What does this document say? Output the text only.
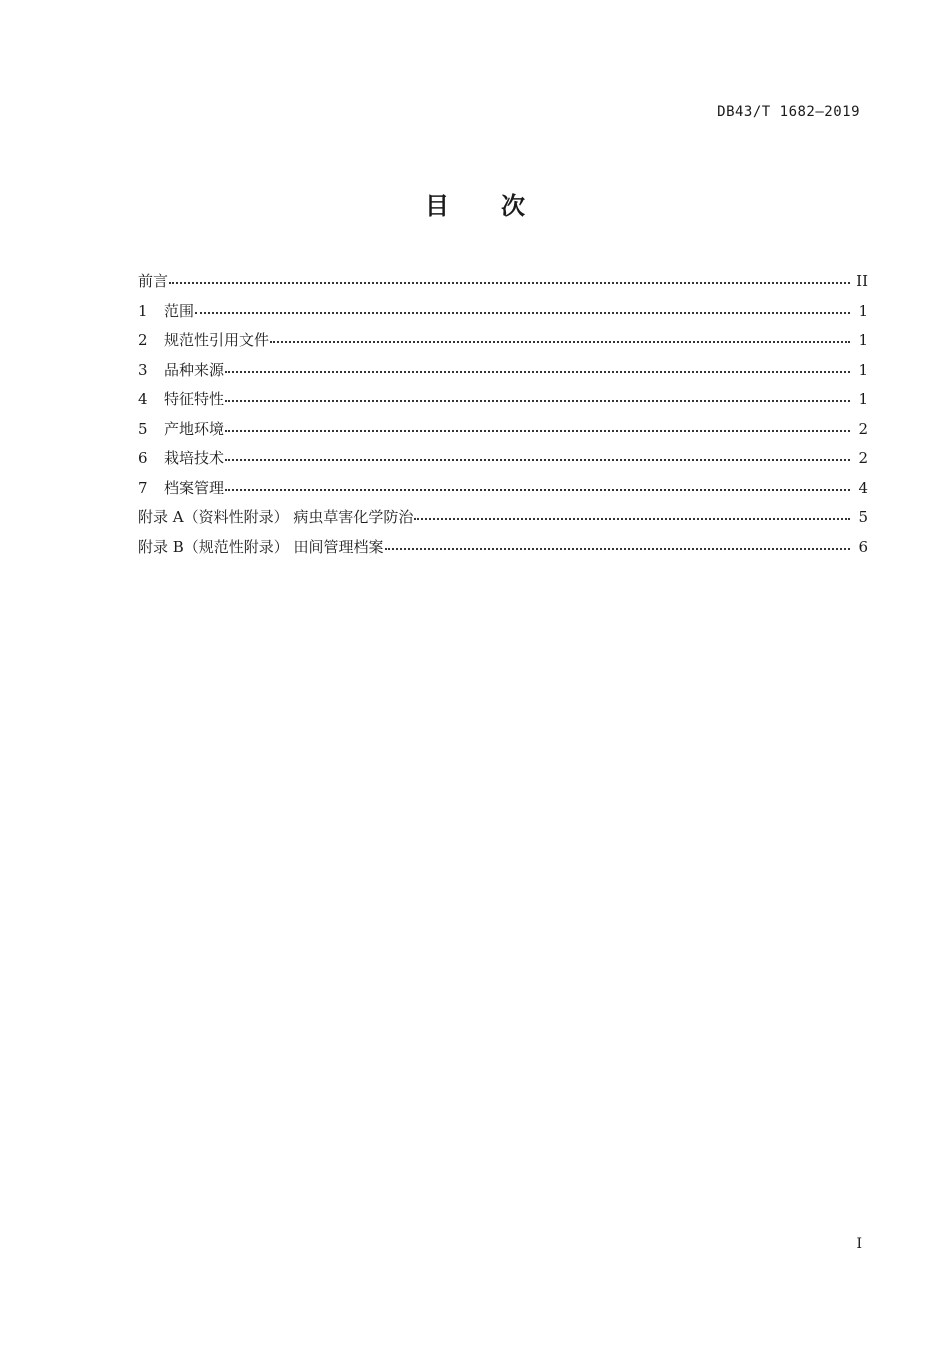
DB43/T 1682—2019
目次
前言	II
1	范围	1
2	规范性引用文件	1
3	品种来源	1
4	特征特性	1
5	产地环境	2
6	栽培技术	2
7	档案管理	4
附录 A（资料性附录） 病虫草害化学防治	5
附录 B（规范性附录） 田间管理档案	6
I
